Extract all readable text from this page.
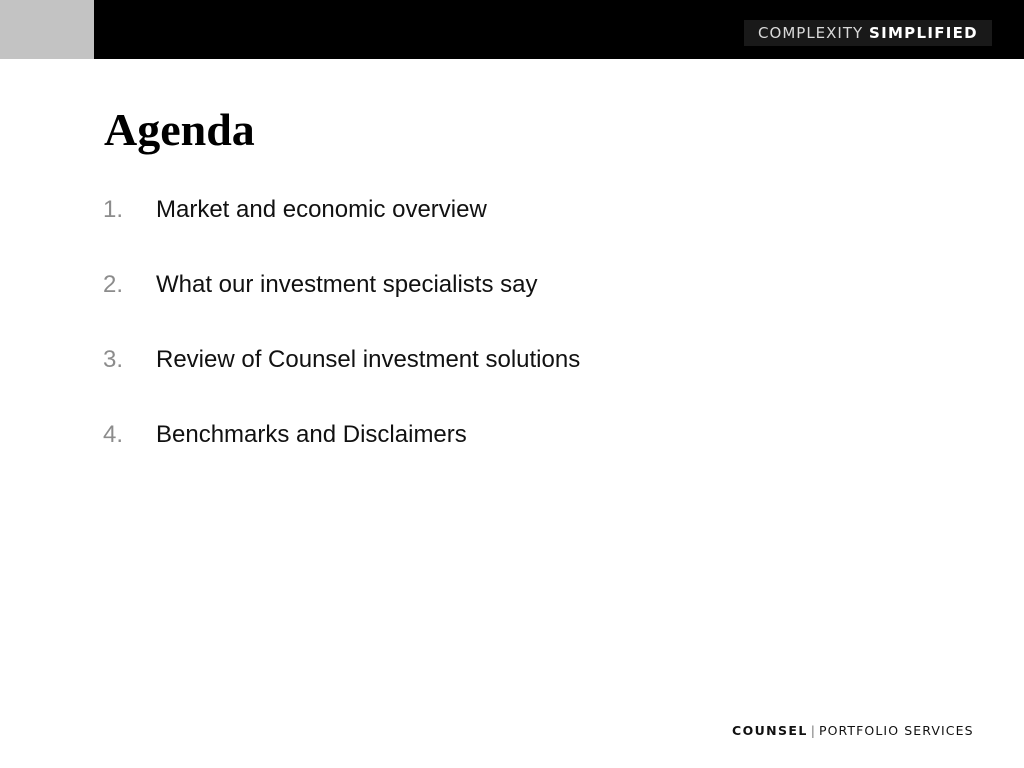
COMPLEXITY SIMPLIFIED
Agenda
1.	Market and economic overview
2.	What our investment specialists say
3.	Review of Counsel investment solutions
4.	Benchmarks and Disclaimers
COUNSEL | PORTFOLIO SERVICES
